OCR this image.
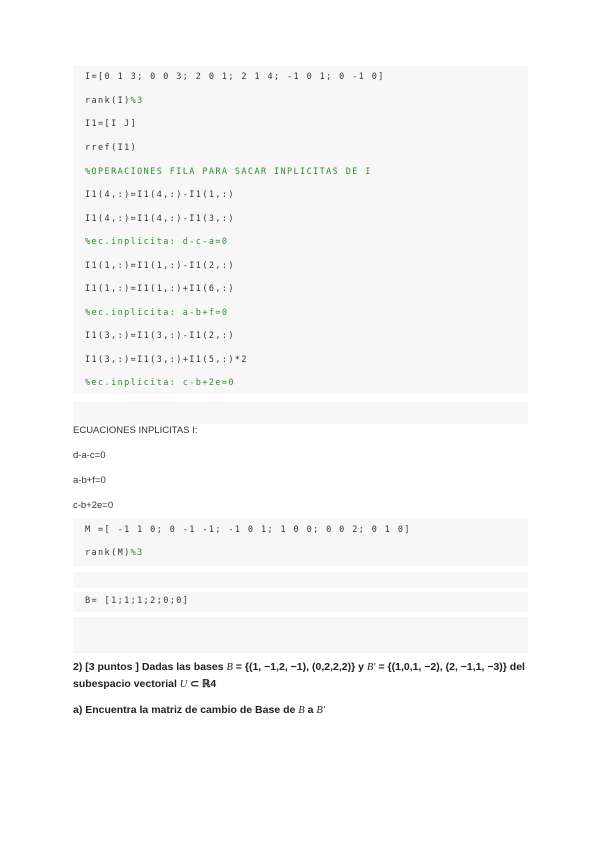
I=[0 1 3; 0 0 3; 2 0 1; 2 1 4; -1 0 1; 0 -1 0]
rank(I)%3
I1=[I J]
rref(I1)
%OPERACIONES FILA PARA SACAR INPLICITAS DE I
I1(4,:)=I1(4,:)-I1(1,:)
I1(4,:)=I1(4,:)-I1(3,:)
%ec.inplicita: d-c-a=0
I1(1,:)=I1(1,:)-I1(2,:)
I1(1,:)=I1(1,:)+I1(6,:)
%ec.inplicita: a-b+f=0
I1(3,:)=I1(3,:)-I1(2,:)
I1(3,:)=I1(3,:)+I1(5,:)*2
%ec.inplicita: c-b+2e=0
ECUACIONES INPLICITAS I:
d-a-c=0
a-b+f=0
c-b+2e=0
M =[ -1 1 0; 0 -1 -1; -1 0 1; 1 0 0; 0 0 2; 0 1 0]
rank(M)%3
B= [1;1;1;2;0;0]
2) [3 puntos ] Dadas las bases B = {(1, −1,2, −1), (0,2,2,2)} y B′ = {(1,0,1, −2), (2, −1,1, −3)} del subespacio vectorial U ⊂ ℝ4
a) Encuentra la matriz de cambio de Base de B a B′
